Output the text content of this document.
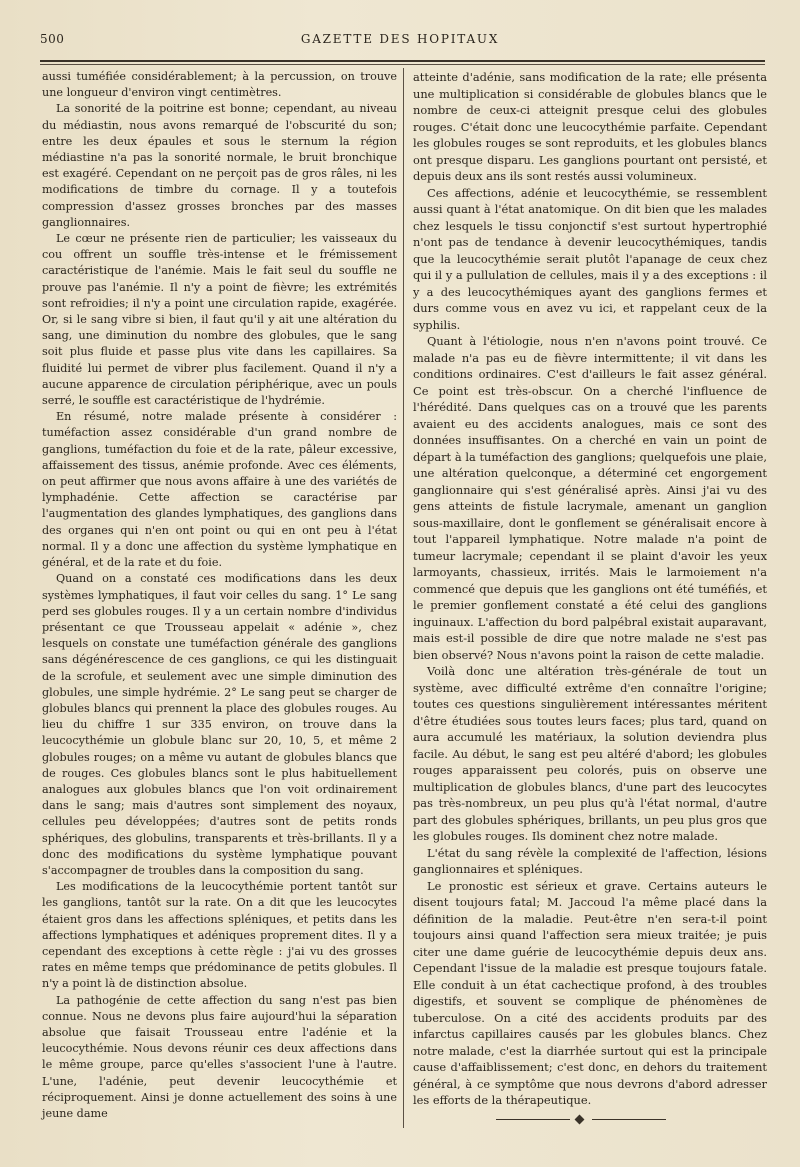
500	GAZETTE DES HOPITAUX

aussi tuméfiée considérablement; à la percussion, on trouve une longueur d'environ vingt centimètres.

La sonorité de la poitrine est bonne; cependant, au niveau du médiastin, nous avons remarqué de l'obscurité du son; entre les deux épaules et sous le sternum la région médiastine n'a pas la sonorité normale, le bruit bronchique est exagéré. Cependant on ne perçoit pas de gros râles, ni les modifications de timbre du cornage. Il y a toutefois compression d'assez grosses bronches par des masses ganglionnaires.

Le cœur ne présente rien de particulier; les vaisseaux du cou offrent un souffle très-intense et le frémissement caractéristique de l'anémie. Mais le fait seul du souffle ne prouve pas l'anémie. Il n'y a point de fièvre; les extrémités sont refroidies; il n'y a point une circulation rapide, exagérée. Or, si le sang vibre si bien, il faut qu'il y ait une altération du sang, une diminution du nombre des globules, que le sang soit plus fluide et passe plus vite dans les capillaires. Sa fluidité lui permet de vibrer plus facilement. Quand il n'y a aucune apparence de circulation périphérique, avec un pouls serré, le souffle est caractéristique de l'hydrémie.

En résumé, notre malade présente à considérer : tuméfaction assez considérable d'un grand nombre de ganglions, tuméfaction du foie et de la rate, pâleur excessive, affaissement des tissus, anémie profonde. Avec ces éléments, on peut affirmer que nous avons affaire à une des variétés de lymphadénie. Cette affection se caractérise par l'augmentation des glandes lymphatiques, des ganglions dans des organes qui n'en ont point ou qui en ont peu à l'état normal. Il y a donc une affection du système lymphatique en général, et de la rate et du foie.

Quand on a constaté ces modifications dans les deux systèmes lymphatiques, il faut voir celles du sang. 1° Le sang perd ses globules rouges. Il y a un certain nombre d'individus présentant ce que Trousseau appelait « adénie », chez lesquels on constate une tuméfaction générale des ganglions sans dégénérescence de ces ganglions, ce qui les distinguait de la scrofule, et seulement avec une simple diminution des globules, une simple hydrémie. 2° Le sang peut se charger de globules blancs qui prennent la place des globules rouges. Au lieu du chiffre 1 sur 335 environ, on trouve dans la leucocythémie un globule blanc sur 20, 10, 5, et même 2 globules rouges; on a même vu autant de globules blancs que de rouges. Ces globules blancs sont le plus habituellement analogues aux globules blancs que l'on voit ordinairement dans le sang; mais d'autres sont simplement des noyaux, cellules peu développées; d'autres sont de petits ronds sphériques, des globulins, transparents et très-brillants. Il y a donc des modifications du système lymphatique pouvant s'accompagner de troubles dans la composition du sang.

Les modifications de la leucocythémie portent tantôt sur les ganglions, tantôt sur la rate. On a dit que les leucocytes étaient gros dans les affections spléniques, et petits dans les affections lymphatiques et adéniques proprement dites. Il y a cependant des exceptions à cette règle : j'ai vu des grosses rates en même temps que prédominance de petits globules. Il n'y a point là de distinction absolue.

La pathogénie de cette affection du sang n'est pas bien connue. Nous ne devons plus faire aujourd'hui la séparation absolue que faisait Trousseau entre l'adénie et la leucocythémie. Nous devons réunir ces deux affections dans le même groupe, parce qu'elles s'associent l'une à l'autre. L'une, l'adénie, peut devenir leucocythémie et réciproquement. Ainsi je donne actuellement des soins à une jeune dame

atteinte d'adénie, sans modification de la rate; elle présenta une multiplication si considérable de globules blancs que le nombre de ceux-ci atteignit presque celui des globules rouges. C'était donc une leucocythémie parfaite. Cependant les globules rouges se sont reproduits, et les globules blancs ont presque disparu. Les ganglions pourtant ont persisté, et depuis deux ans ils sont restés aussi volumineux.

Ces affections, adénie et leucocythémie, se ressemblent aussi quant à l'état anatomique. On dit bien que les malades chez lesquels le tissu conjonctif s'est surtout hypertrophié n'ont pas de tendance à devenir leucocythémiques, tandis que la leucocythémie serait plutôt l'apanage de ceux chez qui il y a pullulation de cellules, mais il y a des exceptions : il y a des leucocythémiques ayant des ganglions fermes et durs comme vous en avez vu ici, et rappelant ceux de la syphilis.

Quant à l'étiologie, nous n'en n'avons point trouvé. Ce malade n'a pas eu de fièvre intermittente; il vit dans les conditions ordinaires. C'est d'ailleurs le fait assez général. Ce point est très-obscur. On a cherché l'influence de l'hérédité. Dans quelques cas on a trouvé que les parents avaient eu des accidents analogues, mais ce sont des données insuffisantes. On a cherché en vain un point de départ à la tuméfaction des ganglions; quelquefois une plaie, une altération quelconque, a déterminé cet engorgement ganglionnaire qui s'est généralisé après. Ainsi j'ai vu des gens atteints de fistule lacrymale, amenant un ganglion sous-maxillaire, dont le gonflement se généralisait encore à tout l'appareil lymphatique. Notre malade n'a point de tumeur lacrymale; cependant il se plaint d'avoir les yeux larmoyants, chassieux, irrités. Mais le larmoiement n'a commencé que depuis que les ganglions ont été tuméfiés, et le premier gonflement constaté a été celui des ganglions inguinaux. L'affection du bord palpébral existait auparavant, mais est-il possible de dire que notre malade ne s'est pas bien observé? Nous n'avons point la raison de cette maladie.

Voilà donc une altération très-générale de tout un système, avec difficulté extrême d'en connaître l'origine; toutes ces questions singulièrement intéressantes méritent d'être étudiées sous toutes leurs faces; plus tard, quand on aura accumulé les matériaux, la solution deviendra plus facile. Au début, le sang est peu altéré d'abord; les globules rouges apparaissent peu colorés, puis on observe une multiplication de globules blancs, d'une part des leucocytes pas très-nombreux, un peu plus qu'à l'état normal, d'autre part des globules sphériques, brillants, un peu plus gros que les globules rouges. Ils dominent chez notre malade.

L'état du sang révèle la complexité de l'affection, lésions ganglionnaires et spléniques.

Le pronostic est sérieux et grave. Certains auteurs le disent toujours fatal; M. Jaccoud l'a même placé dans la définition de la maladie. Peut-être n'en sera-t-il point toujours ainsi quand l'affection sera mieux traitée; je puis citer une dame guérie de leucocythémie depuis deux ans. Cependant l'issue de la maladie est presque toujours fatale. Elle conduit à un état cachectique profond, à des troubles digestifs, et souvent se complique de phénomènes de tuberculose. On a cité des accidents produits par des infarctus capillaires causés par les globules blancs. Chez notre malade, c'est la diarrhée surtout qui est la principale cause d'affaiblissement; c'est donc, en dehors du traitement général, à ce symptôme que nous devrons d'abord adresser les efforts de la thérapeutique.
